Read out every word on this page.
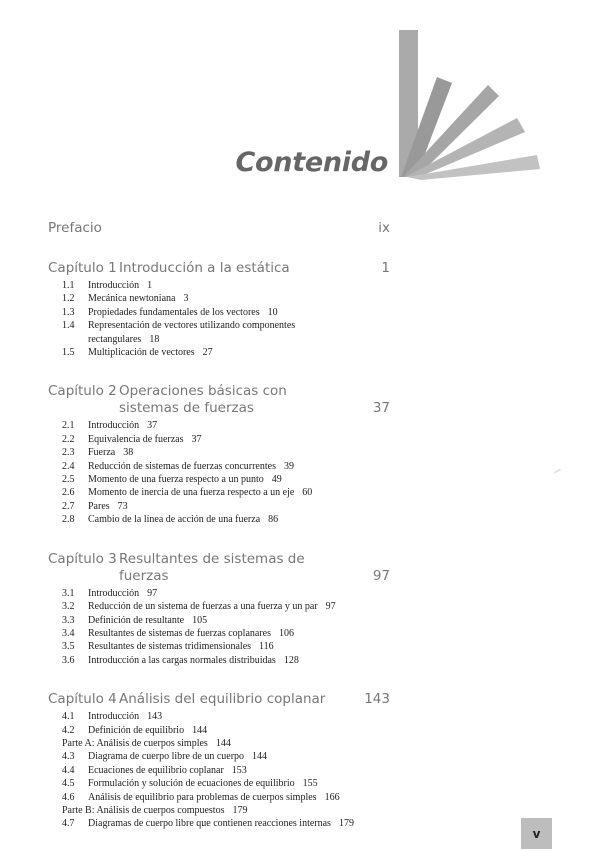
Contenido
Prefacio	ix
Capítulo 1 Introducción a la estática	1
1.1	Introducción 1
1.2	Mecánica newtoniana 3
1.3	Propiedades fundamentales de los vectores 10
1.4	Representación de vectores utilizando componentes rectangulares 18
1.5	Multiplicación de vectores 27
Capítulo 2 Operaciones básicas con sistemas de fuerzas	37
2.1	Introducción 37
2.2	Equivalencia de fuerzas 37
2.3	Fuerza 38
2.4	Reducción de sistemas de fuerzas concurrentes 39
2.5	Momento de una fuerza respecto a un punto 49
2.6	Momento de inercia de una fuerza respecto a un eje 60
2.7	Pares 73
2.8	Cambio de la línea de acción de una fuerza 86
Capítulo 3 Resultantes de sistemas de fuerzas	97
3.1	Introducción 97
3.2	Reducción de un sistema de fuerzas a una fuerza y un par 97
3.3	Definición de resultante 105
3.4	Resultantes de sistemas de fuerzas coplanares 106
3.5	Resultantes de sistemas tridimensionales 116
3.6	Introducción a las cargas normales distribuidas 128
Capítulo 4 Análisis del equilibrio coplanar	143
4.1	Introducción 143
4.2	Definición de equilibrio 144
Parte A: Análisis de cuerpos simples 144
4.3	Diagrama de cuerpo libre de un cuerpo 144
4.4	Ecuaciones de equilibrio coplanar 153
4.5	Formulación y solución de ecuaciones de equilibrio 155
4.6	Análisis de equilibrio para problemas de cuerpos simples 166
Parte B: Análisis de cuerpos compuestos 179
4.7	Diagramas de cuerpo libre que contienen reacciones internas 179
v
